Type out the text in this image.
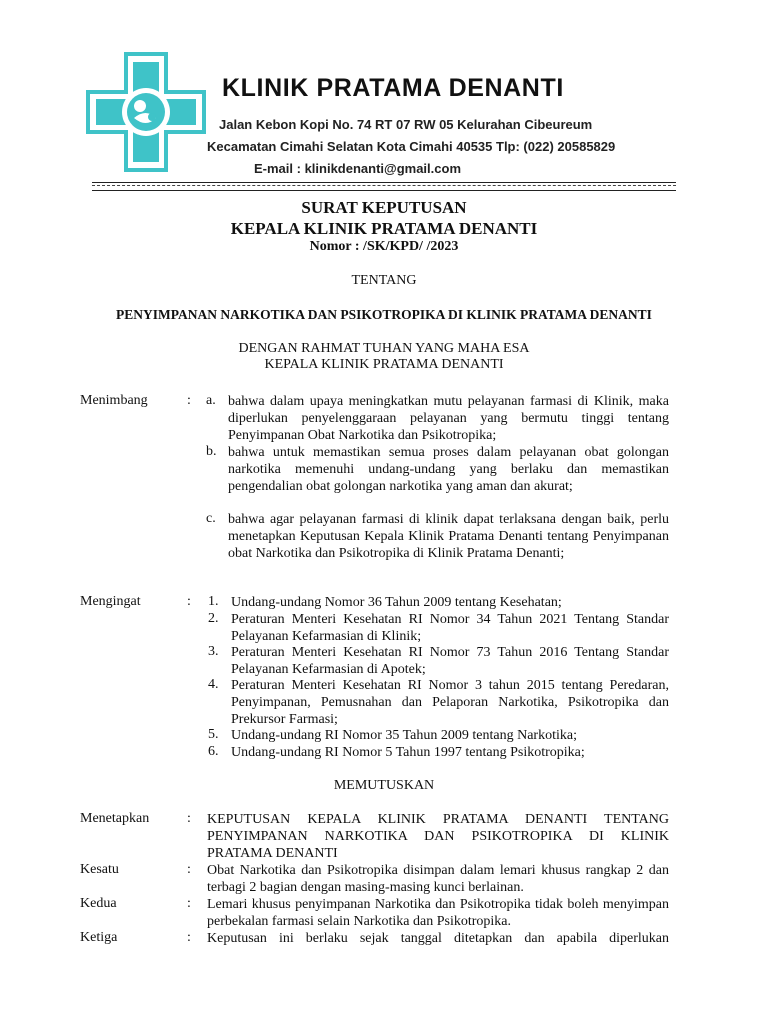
KLINIK PRATAMA DENANTI
Jalan Kebon Kopi No. 74 RT 07 RW 05 Kelurahan Cibeureum
Kecamatan Cimahi Selatan Kota Cimahi 40535 Tlp: (022) 20585829
E-mail : klinikdenanti@gmail.com
SURAT KEPUTUSAN
KEPALA KLINIK PRATAMA DENANTI
Nomor : /SK/KPD/ /2023
TENTANG
PENYIMPANAN NARKOTIKA DAN PSIKOTROPIKA DI KLINIK PRATAMA DENANTI
DENGAN RAHMAT TUHAN YANG MAHA ESA
KEPALA KLINIK PRATAMA DENANTI
Menimbang	: a. bahwa dalam upaya meningkatkan mutu pelayanan farmasi di Klinik, maka diperlukan penyelenggaraan pelayanan yang bermutu tinggi tentang Penyimpanan Obat Narkotika dan Psikotropika;
b. bahwa untuk memastikan semua proses dalam pelayanan obat golongan narkotika memenuhi undang-undang yang berlaku dan memastikan pengendalian obat golongan narkotika yang aman dan akurat;
c. bahwa agar pelayanan farmasi di klinik dapat terlaksana dengan baik, perlu menetapkan Keputusan Kepala Klinik Pratama Denanti tentang Penyimpanan obat Narkotika dan Psikotropika di Klinik Pratama Denanti;
Mengingat	: 1. Undang-undang Nomor 36 Tahun 2009 tentang Kesehatan;
2. Peraturan Menteri Kesehatan RI Nomor 34 Tahun 2021 Tentang Standar Pelayanan Kefarmasian di Klinik;
3. Peraturan Menteri Kesehatan RI Nomor 73 Tahun 2016 Tentang Standar Pelayanan Kefarmasian di Apotek;
4. Peraturan Menteri Kesehatan RI Nomor 3 tahun 2015 tentang Peredaran, Penyimpanan, Pemusnahan dan Pelaporan Narkotika, Psikotropika dan Prekursor Farmasi;
5. Undang-undang RI Nomor 35 Tahun 2009 tentang Narkotika;
6. Undang-undang RI Nomor 5 Tahun 1997 tentang Psikotropika;
MEMUTUSKAN
Menetapkan	: KEPUTUSAN KEPALA KLINIK PRATAMA DENANTI TENTANG PENYIMPANAN NARKOTIKA DAN PSIKOTROPIKA DI KLINIK PRATAMA DENANTI
Kesatu	: Obat Narkotika dan Psikotropika disimpan dalam lemari khusus rangkap 2 dan terbagi 2 bagian dengan masing-masing kunci berlainan.
Kedua	: Lemari khusus penyimpanan Narkotika dan Psikotropika tidak boleh menyimpan perbekalan farmasi selain Narkotika dan Psikotropika.
Ketiga	: Keputusan ini berlaku sejak tanggal ditetapkan dan apabila diperlukan
